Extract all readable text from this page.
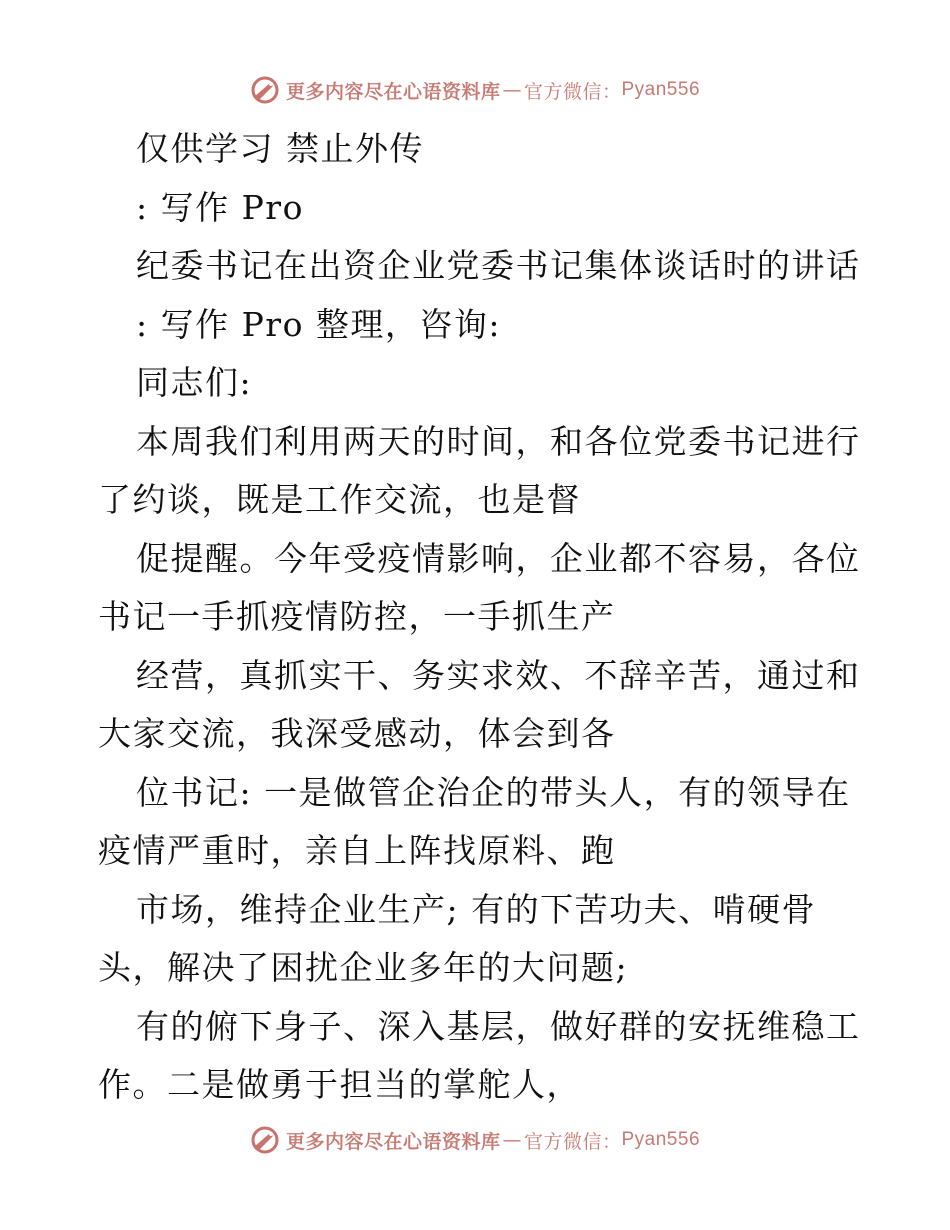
更多内容尽在心语资料库 — 官方微信： Pyan556
仅供学习 禁止外传
: 写作 Pro
纪委书记在出资企业党委书记集体谈话时的讲话
: 写作 Pro 整理，咨询:
同志们:
本周我们利用两天的时间，和各位党委书记进行
了约谈，既是工作交流，也是督
促提醒。今年受疫情影响，企业都不容易，各位
书记一手抓疫情防控，一手抓生产
经营，真抓实干、务实求效、不辞辛苦，通过和
大家交流，我深受感动，体会到各
位书记: 一是做管企治企的带头人，有的领导在
疫情严重时，亲自上阵找原料、跑
市场，维持企业生产; 有的下苦功夫、啃硬骨
头，解决了困扰企业多年的大问题;
有的俯下身子、深入基层，做好群的安抚维稳工
作。二是做勇于担当的掌舵人，
更多内容尽在心语资料库 — 官方微信： Pyan556
